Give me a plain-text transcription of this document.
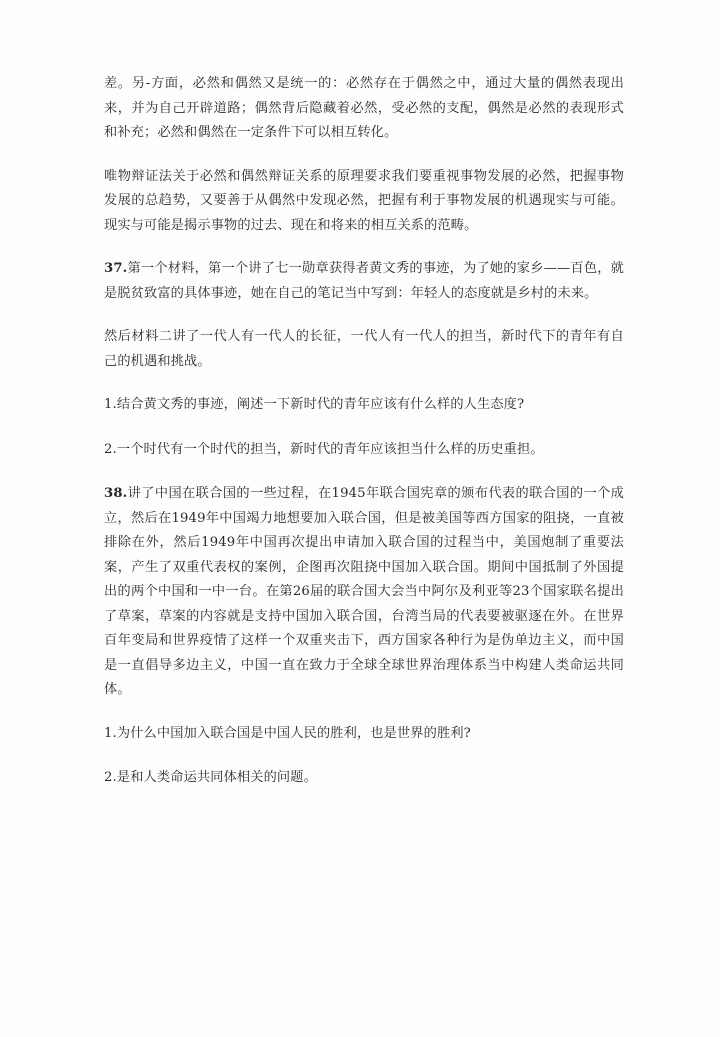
差。另-方面，必然和偶然又是统一的：必然存在于偶然之中，通过大量的偶然表现出来，并为自己开辟道路；偶然背后隐藏着必然，受必然的支配，偶然是必然的表现形式和补充；必然和偶然在一定条件下可以相互转化。

唯物辩证法关于必然和偶然辩证关系的原理要求我们要重视事物发展的必然，把握事物发展的总趋势，又要善于从偶然中发现必然，把握有利于事物发展的机遇现实与可能。现实与可能是揭示事物的过去、现在和将来的相互关系的范畴。

37.第一个材料，第一个讲了七一勋章获得者黄文秀的事迹，为了她的家乡——百色，就是脱贫致富的具体事迹，她在自己的笔记当中写到：年轻人的态度就是乡村的未来。

然后材料二讲了一代人有一代人的长征，一代人有一代人的担当，新时代下的青年有自己的机遇和挑战。

1.结合黄文秀的事迹，阐述一下新时代的青年应该有什么样的人生态度?

2.一个时代有一个时代的担当，新时代的青年应该担当什么样的历史重担。

38.讲了中国在联合国的一些过程，在1945年联合国宪章的颁布代表的联合国的一个成立，然后在1949年中国竭力地想要加入联合国，但是被美国等西方国家的阻挠，一直被排除在外，然后1949年中国再次提出申请加入联合国的过程当中，美国炮制了重要法案，产生了双重代表权的案例，企图再次阻挠中国加入联合国。期间中国抵制了外国提出的两个中国和一中一台。在第26届的联合国大会当中阿尔及利亚等23个国家联名提出了草案，草案的内容就是支持中国加入联合国，台湾当局的代表要被驱逐在外。在世界百年变局和世界疫情了这样一个双重夹击下，西方国家各种行为是伪单边主义，而中国是一直倡导多边主义，中国一直在致力于全球全球世界治理体系当中构建人类命运共同体。

1.为什么中国加入联合国是中国人民的胜利，也是世界的胜利?

2.是和人类命运共同体相关的问题。
